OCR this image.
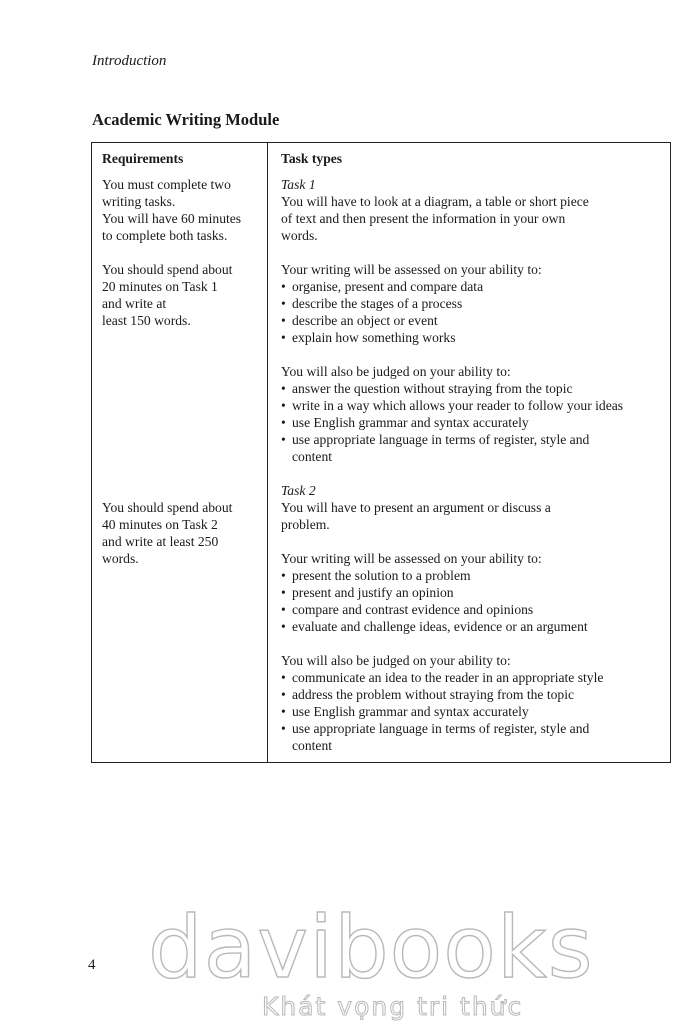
Introduction
Academic Writing Module
Requirements
You must complete two
writing tasks.
You will have 60 minutes
to complete both tasks.
You should spend about
20 minutes on Task 1
and write at
least 150 words.
You should spend about
40 minutes on Task 2
and write at least 250
words.
Task types
Task 1
You will have to look at a diagram, a table or short piece
of text and then present the information in your own
words.
Your writing will be assessed on your ability to:
• organise, present and compare data
• describe the stages of a process
• describe an object or event
• explain how something works
You will also be judged on your ability to:
• answer the question without straying from the topic
• write in a way which allows your reader to follow your ideas
• use English grammar and syntax accurately
• use appropriate language in terms of register, style and
content
Task 2
You will have to present an argument or discuss a
problem.
Your writing will be assessed on your ability to:
• present the solution to a problem
• present and justify an opinion
• compare and contrast evidence and opinions
• evaluate and challenge ideas, evidence or an argument
You will also be judged on your ability to:
• communicate an idea to the reader in an appropriate style
• address the problem without straying from the topic
• use English grammar and syntax accurately
• use appropriate language in terms of register, style and
content
4 davibooks
Khát vọng tri thức
